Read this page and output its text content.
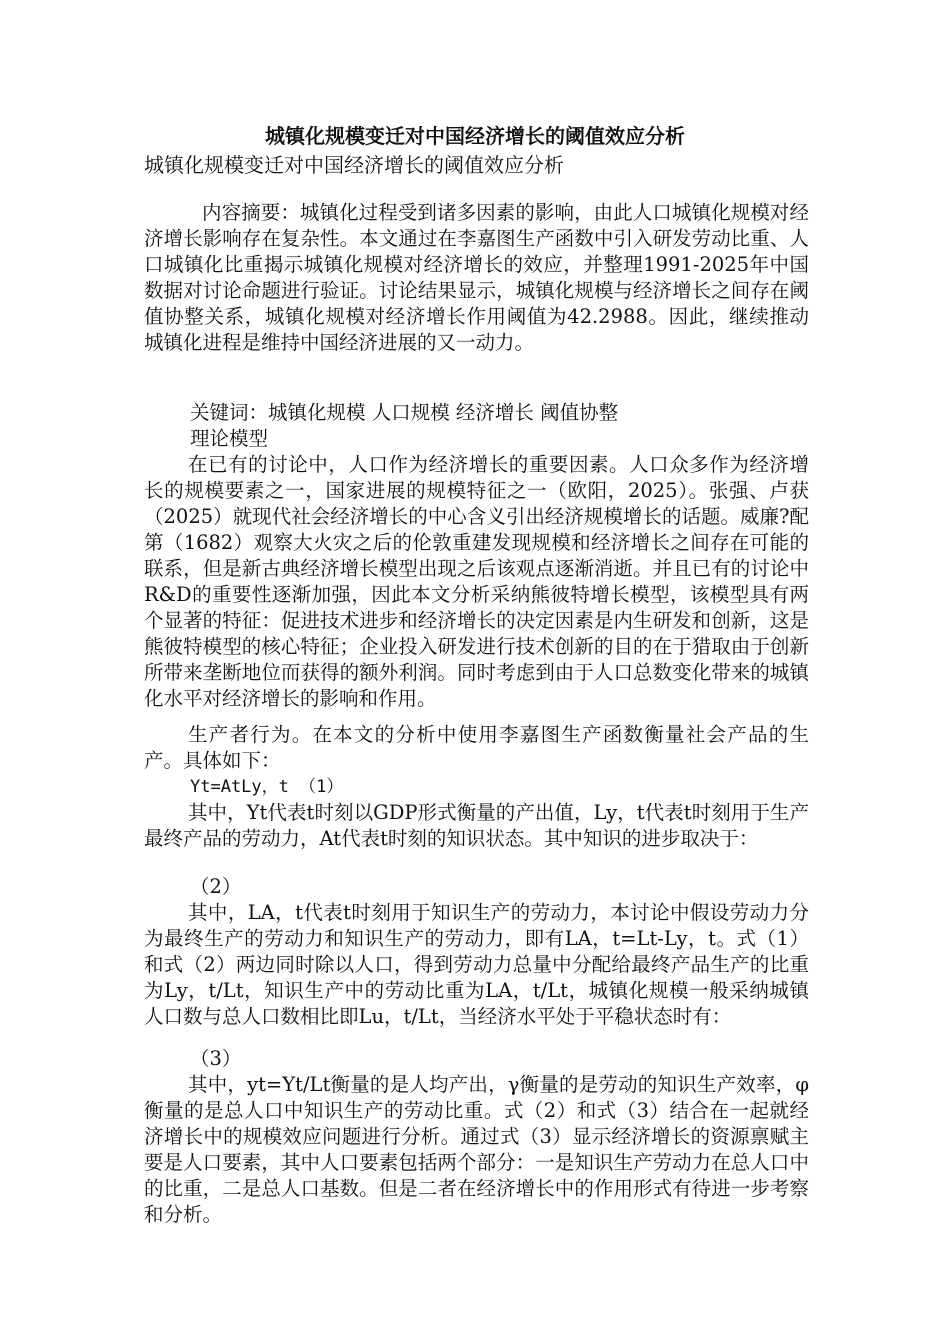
城镇化规模变迁对中国经济增长的阈值效应分析
城镇化规模变迁对中国经济增长的阈值效应分析

内容摘要：城镇化过程受到诸多因素的影响，由此人口城镇化规模对经济增长影响存在复杂性。本文通过在李嘉图生产函数中引入研发劳动比重、人口城镇化比重揭示城镇化规模对经济增长的效应，并整理1991-2025年中国数据对讨论命题进行验证。讨论结果显示，城镇化规模与经济增长之间存在阈值协整关系，城镇化规模对经济增长作用阈值为42.2988。因此，继续推动城镇化进程是维持中国经济进展的又一动力。

关键词：城镇化规模 人口规模 经济增长 阈值协整
理论模型

在已有的讨论中，人口作为经济增长的重要因素。人口众多作为经济增长的规模要素之一，国家进展的规模特征之一（欧阳，2025）。张强、卢获（2025）就现代社会经济增长的中心含义引出经济规模增长的话题。威廉?配第（1682）观察大火灾之后的伦敦重建发现规模和经济增长之间存在可能的联系，但是新古典经济增长模型出现之后该观点逐渐消逝。并且已有的讨论中R&D的重要性逐渐加强，因此本文分析采纳熊彼特增长模型，该模型具有两个显著的特征：促进技术进步和经济增长的决定因素是内生研发和创新，这是熊彼特模型的核心特征；企业投入研发进行技术创新的目的在于猎取由于创新所带来垄断地位而获得的额外利润。同时考虑到由于人口总数变化带来的城镇化水平对经济增长的影响和作用。

生产者行为。在本文的分析中使用李嘉图生产函数衡量社会产品的生产。具体如下：

Yt=AtLy，t （1）

其中，Yt代表t时刻以GDP形式衡量的产出值，Ly，t代表t时刻用于生产最终产品的劳动力，At代表t时刻的知识状态。其中知识的进步取决于：

（2）

其中，LA，t代表t时刻用于知识生产的劳动力，本讨论中假设劳动力分为最终生产的劳动力和知识生产的劳动力，即有LA，t=Lt-Ly，t。式（1）和式（2）两边同时除以人口，得到劳动力总量中分配给最终产品生产的比重为Ly，t/Lt，知识生产中的劳动比重为LA，t/Lt，城镇化规模一般采纳城镇人口数与总人口数相比即Lu，t/Lt，当经济水平处于平稳状态时有：

（3）

其中，yt=Yt/Lt衡量的是人均产出，γ衡量的是劳动的知识生产效率，φ衡量的是总人口中知识生产的劳动比重。式（2）和式（3）结合在一起就经济增长中的规模效应问题进行分析。通过式（3）显示经济增长的资源禀赋主要是人口要素，其中人口要素包括两个部分：一是知识生产劳动力在总人口中的比重，二是总人口基数。但是二者在经济增长中的作用形式有待进一步考察和分析。
